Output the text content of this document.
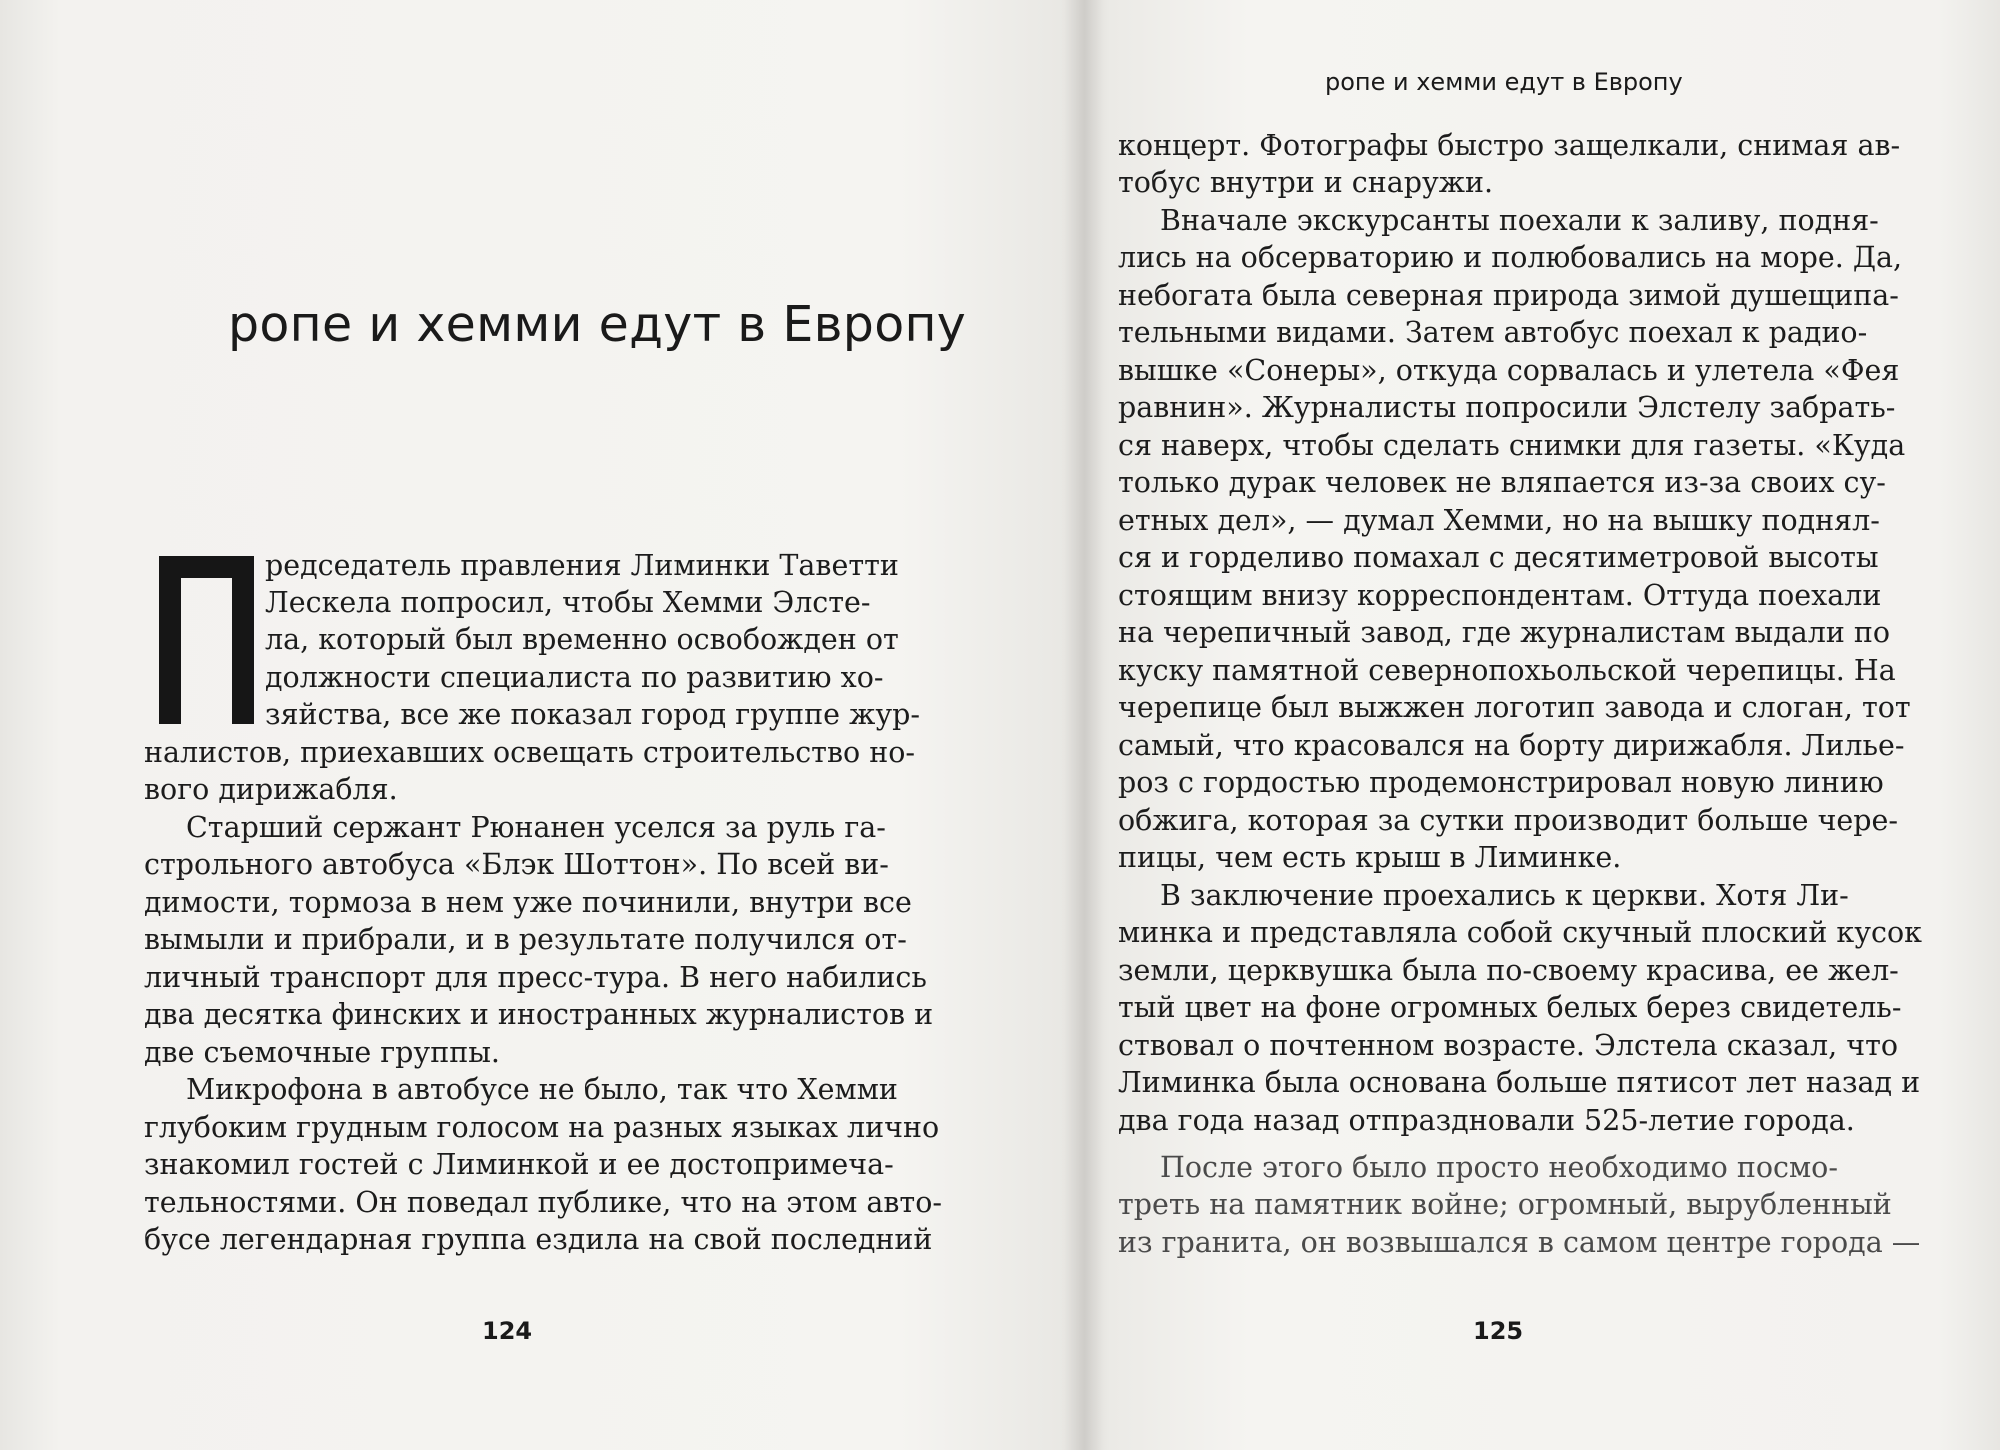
ропе и хемми едут в Европу

редседатель правления Лиминки Таветти

Лескела попросил, чтобы Хемми Элсте-

ла, который был временно освобожден от

должности специалиста по развитию хо-

зяйства, все же показал город группе жур-

налистов, приехавших освещать строительство но-

вого дирижабля.

Старший сержант Рюнанен уселся за руль га-

строльного автобуса «Блэк Шоттон». По всей ви-

димости, тормоза в нем уже починили, внутри все

вымыли и прибрали, и в результате получился от-

личный транспорт для пресс-тура. В него набились

два десятка финских и иностранных журналистов и

две съемочные группы.

Микрофона в автобусе не было, так что Хемми

глубоким грудным голосом на разных языках лично

знакомил гостей с Лиминкой и ее достопримеча-

тельностями. Он поведал публике, что на этом авто-

бусе легендарная группа ездила на свой последний

124
ропе и хемми едут в Европу

концерт. Фотографы быстро защелкали, снимая ав-

тобус внутри и снаружи.

Вначале экскурсанты поехали к заливу, подня-

лись на обсерваторию и полюбовались на море. Да,

небогата была северная природа зимой душещипа-

тельными видами. Затем автобус поехал к радио-

вышке «Сонеры», откуда сорвалась и улетела «Фея

равнин». Журналисты попросили Элстелу забрать-

ся наверх, чтобы сделать снимки для газеты. «Куда

только дурак человек не вляпается из-за своих су-

етных дел», — думал Хемми, но на вышку поднял-

ся и горделиво помахал с десятиметровой высоты

стоящим внизу корреспондентам. Оттуда поехали

на черепичный завод, где журналистам выдали по

куску памятной севернопохьольской черепицы. На

черепице был выжжен логотип завода и слоган, тот

самый, что красовался на борту дирижабля. Лилье-

роз с гордостью продемонстрировал новую линию

обжига, которая за сутки производит больше чере-

пицы, чем есть крыш в Лиминке.

В заключение проехались к церкви. Хотя Ли-

минка и представляла собой скучный плоский кусок

земли, церквушка была по-своему красива, ее жел-

тый цвет на фоне огромных белых берез свидетель-

ствовал о почтенном возрасте. Элстела сказал, что

Лиминка была основана больше пятисот лет назад и

два года назад отпраздновали 525-летие города.

После этого было просто необходимо посмо-

треть на памятник войне; огромный, вырубленный

из гранита, он возвышался в самом центре города —

125
